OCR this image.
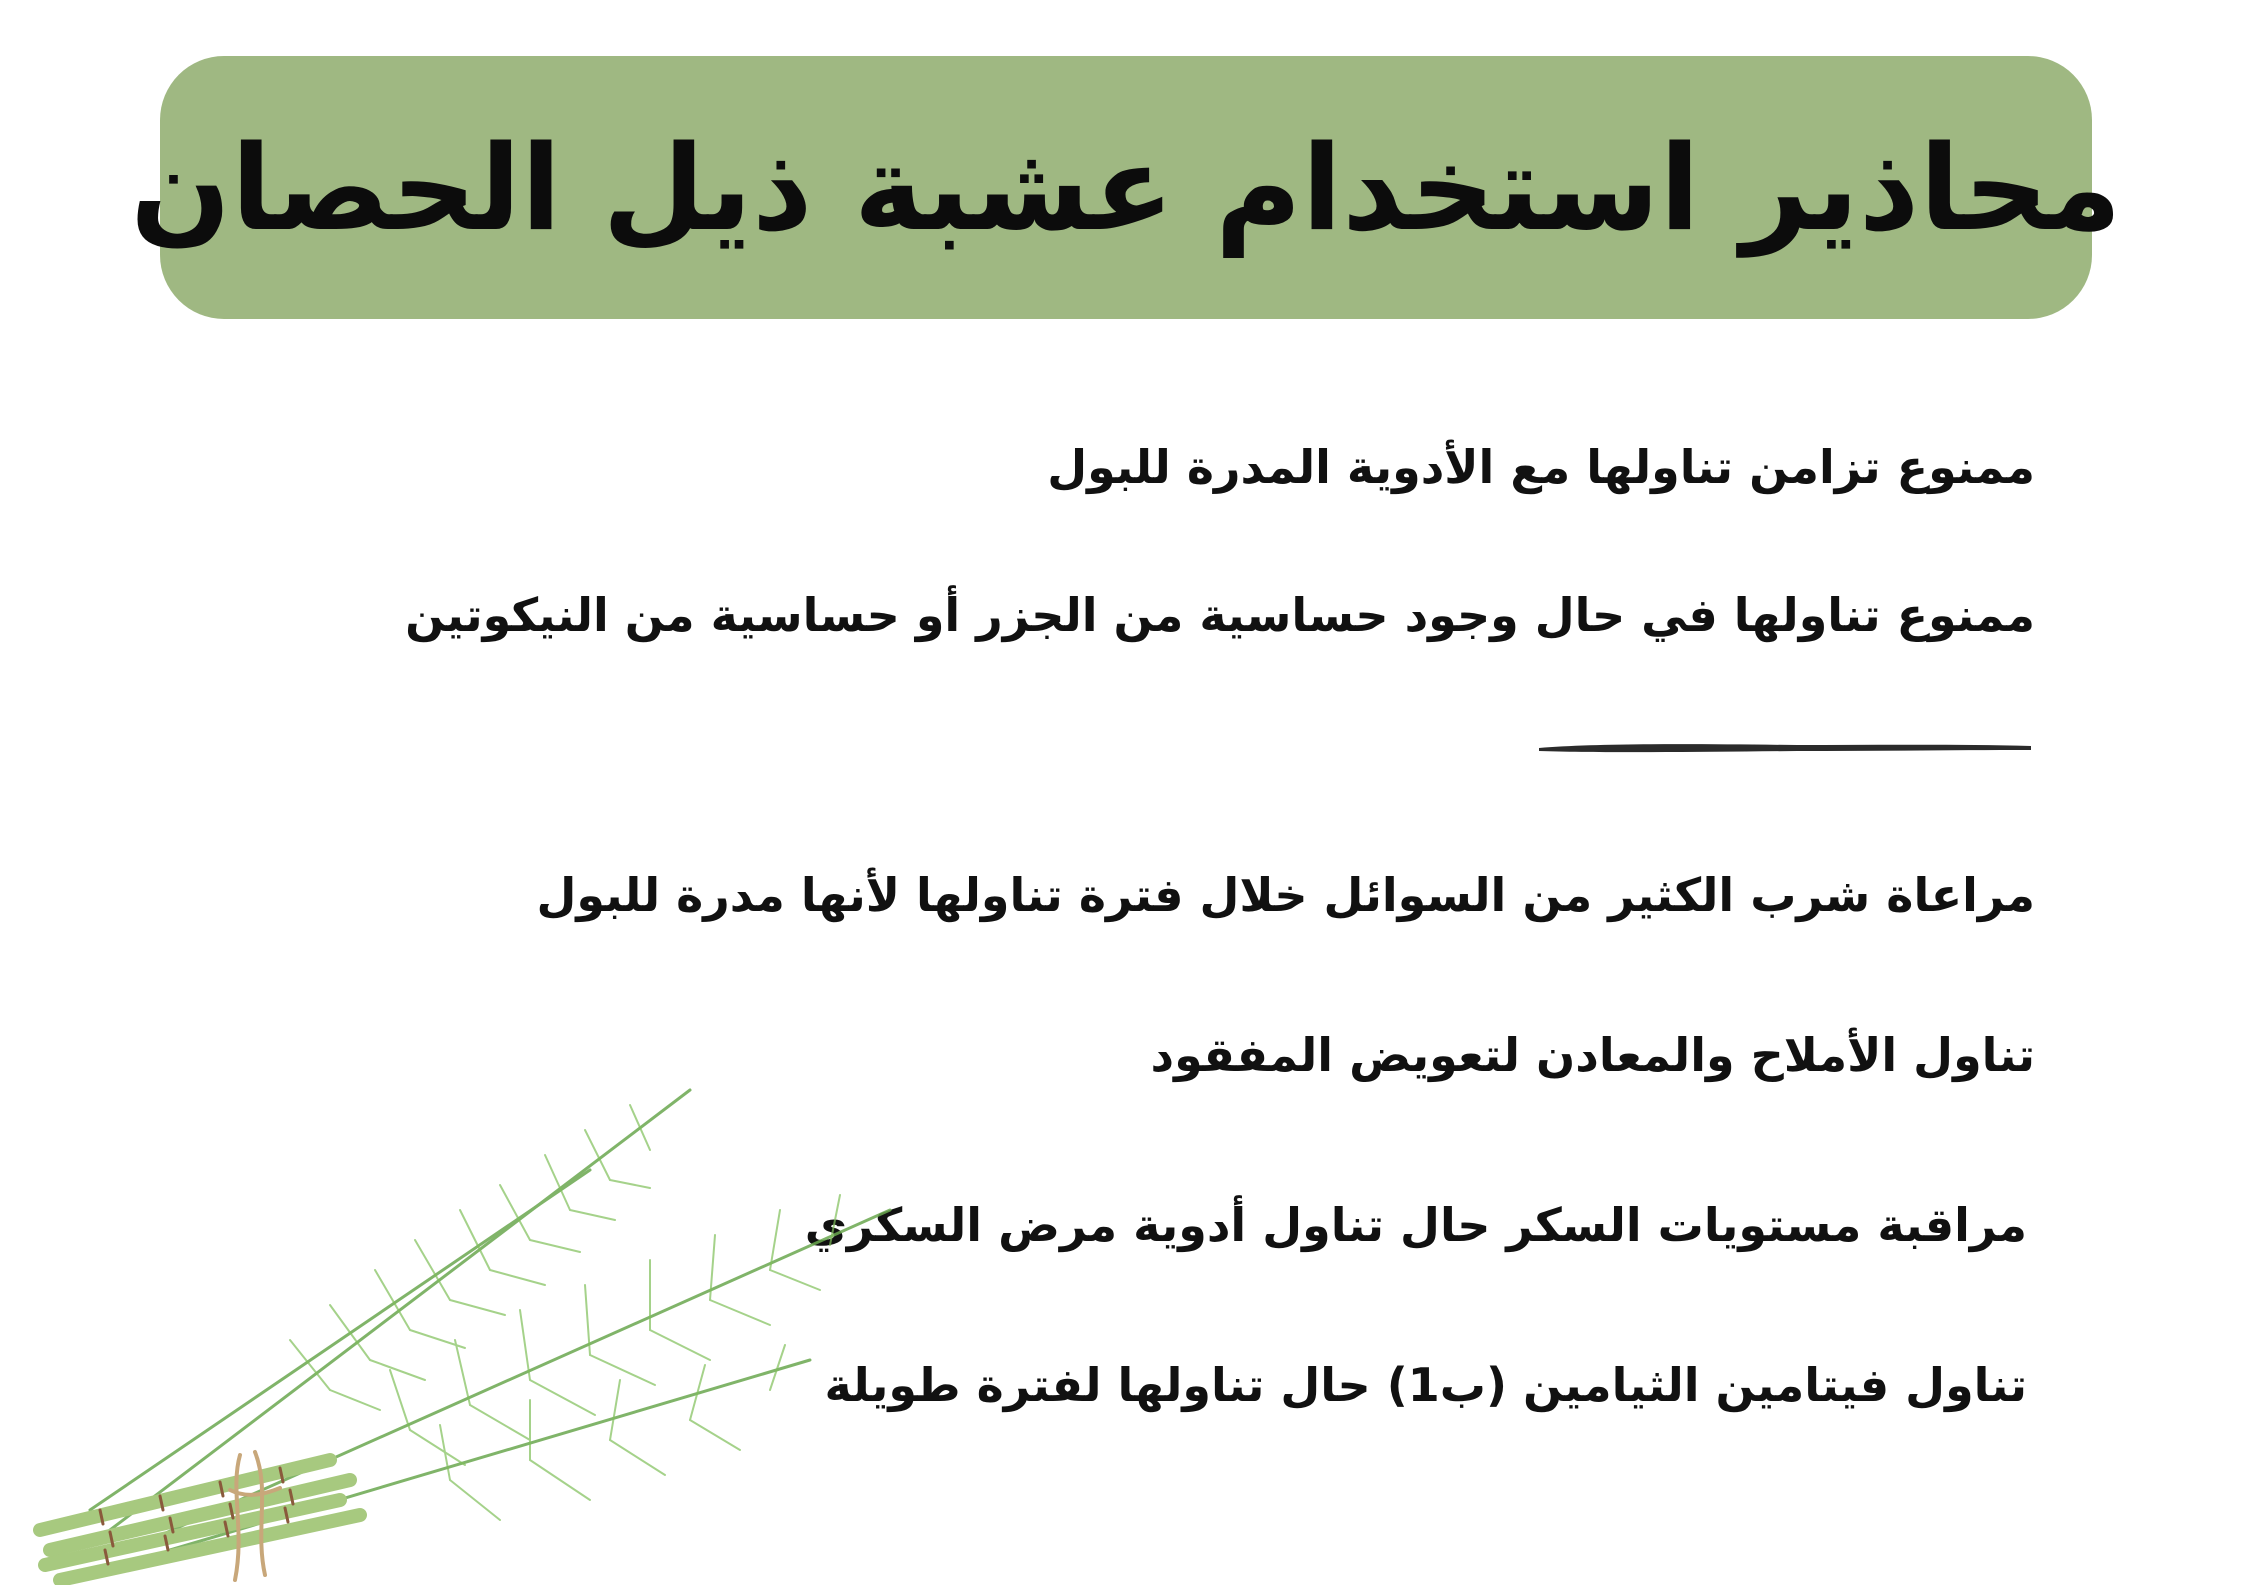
محاذير استخدام عشبة ذيل الحصان
ممنوع تزامن تناولها مع الأدوية المدرة للبول
ممنوع تناولها في حال وجود حساسية من الجزر أو حساسية من النيكوتين
مراعاة شرب الكثير من السوائل خلال فترة تناولها لأنها مدرة للبول
تناول الأملاح والمعادن لتعويض المفقود
مراقبة مستويات السكر حال تناول أدوية مرض السكري
تناول فيتامين الثيامين (ب1) حال تناولها لفترة طويلة
